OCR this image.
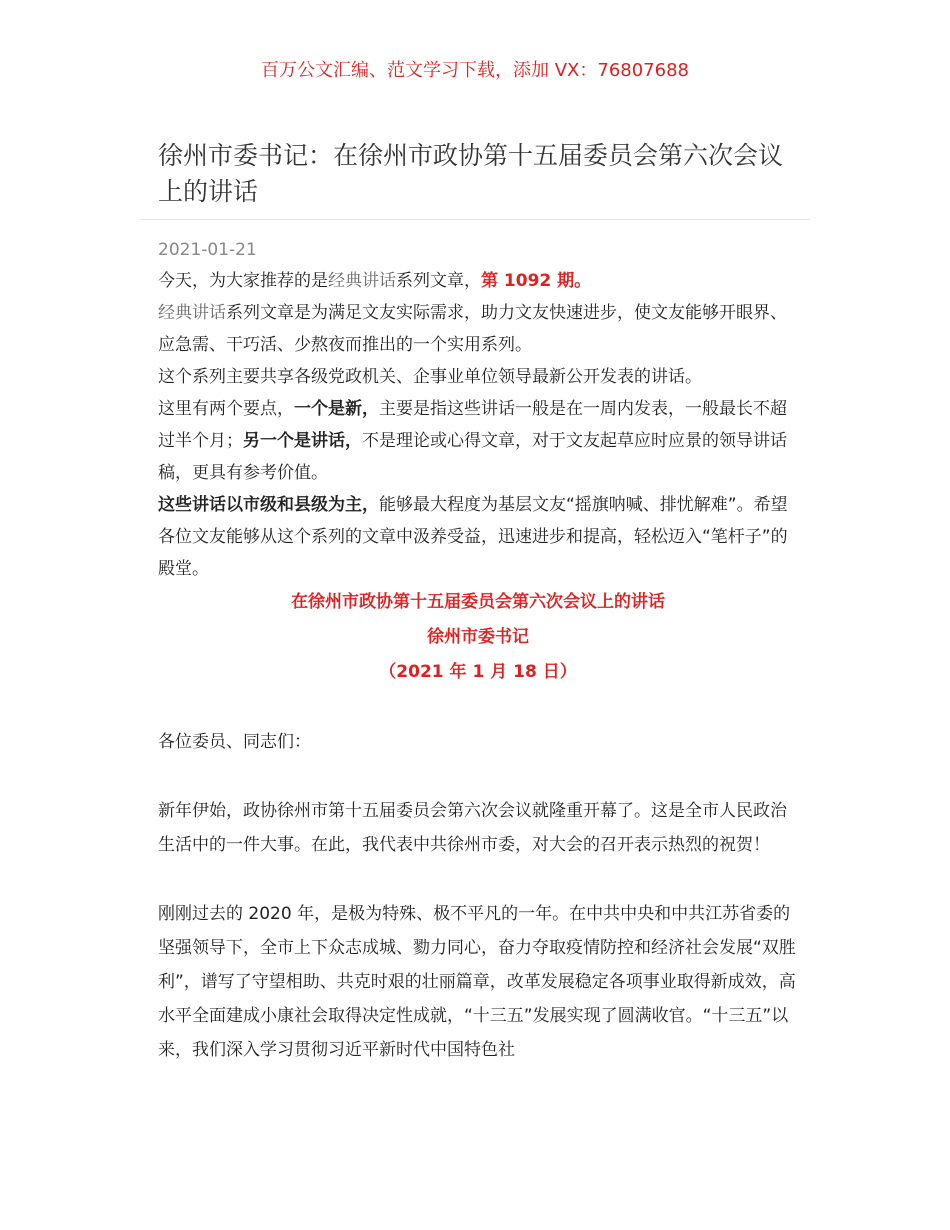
百万公文汇编、范文学习下载，添加 VX：76807688
徐州市委书记：在徐州市政协第十五届委员会第六次会议上的讲话
2021-01-21

今天，为大家推荐的是经典讲话系列文章，第 1092 期。

经典讲话系列文章是为满足文友实际需求，助力文友快速进步，使文友能够开眼界、应急需、干巧活、少熬夜而推出的一个实用系列。

这个系列主要共享各级党政机关、企事业单位领导最新公开发表的讲话。

这里有两个要点，一个是新，主要是指这些讲话一般是在一周内发表，一般最长不超过半个月；另一个是讲话，不是理论或心得文章，对于文友起草应时应景的领导讲话稿，更具有参考价值。

这些讲话以市级和县级为主，能够最大程度为基层文友“摇旗呐喊、排忧解难”。希望各位文友能够从这个系列的文章中汲养受益，迅速进步和提高，轻松迈入“笔杆子”的殿堂。

在徐州市政协第十五届委员会第六次会议上的讲话

徐州市委书记

（2021 年 1 月 18 日）

各位委员、同志们：

新年伊始，政协徐州市第十五届委员会第六次会议就隆重开幕了。这是全市人民政治生活中的一件大事。在此，我代表中共徐州市委，对大会的召开表示热烈的祝贺！

刚刚过去的 2020 年，是极为特殊、极不平凡的一年。在中共中央和中共江苏省委的坚强领导下，全市上下众志成城、勠力同心，奋力夺取疫情防控和经济社会发展“双胜利”，谱写了守望相助、共克时艰的壮丽篇章，改革发展稳定各项事业取得新成效，高水平全面建成小康社会取得决定性成就，“十三五”发展实现了圆满收官。“十三五”以来，我们深入学习贯彻习近平新时代中国特色社
